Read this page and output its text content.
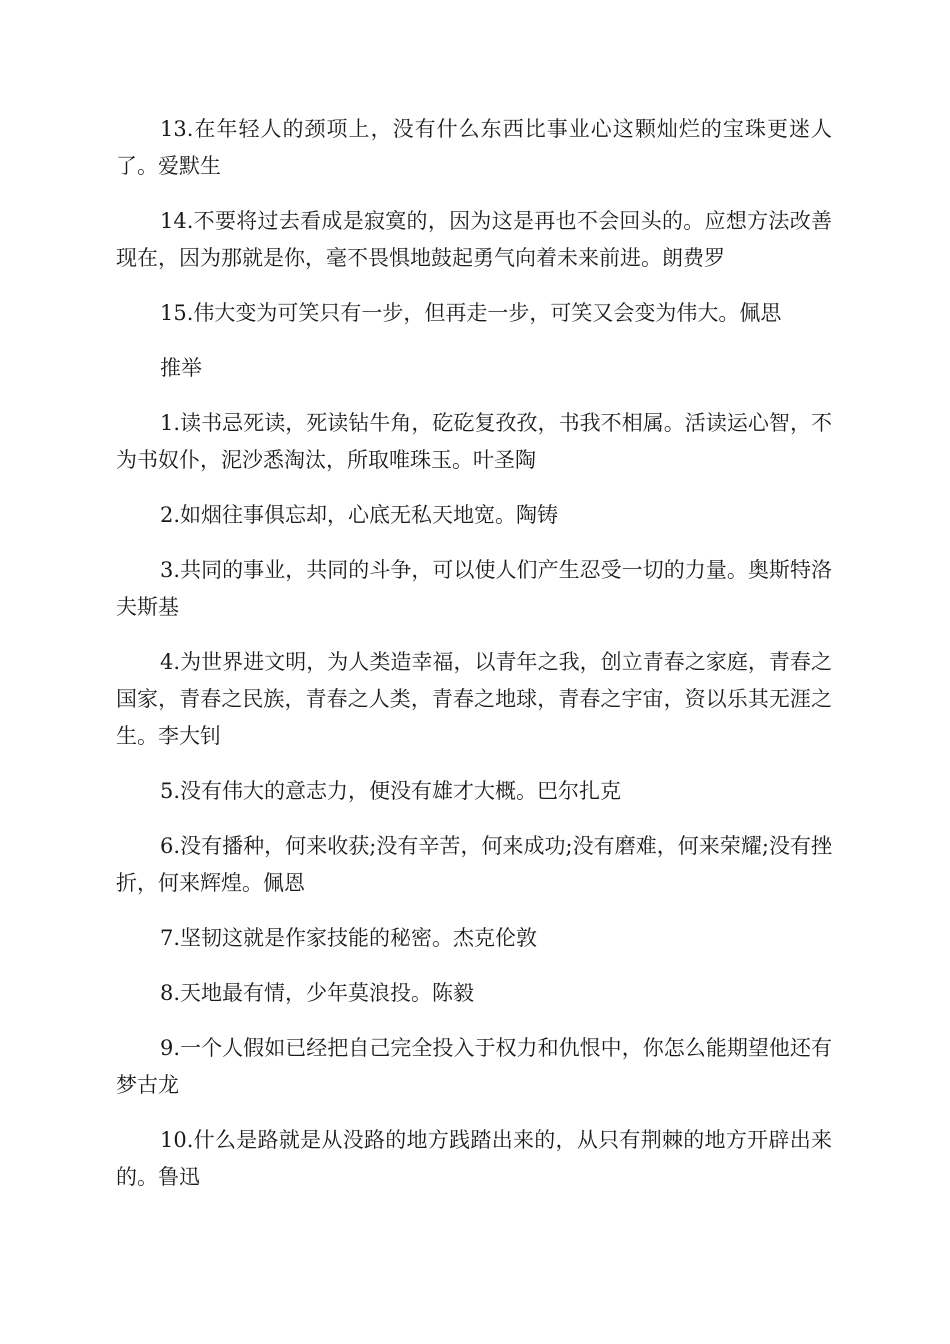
13.在年轻人的颈项上，没有什么东西比事业心这颗灿烂的宝珠更迷人了。爱默生

14.不要将过去看成是寂寞的，因为这是再也不会回头的。应想方法改善现在，因为那就是你，毫不畏惧地鼓起勇气向着未来前进。朗费罗

15.伟大变为可笑只有一步，但再走一步，可笑又会变为伟大。佩思

推举

1.读书忌死读，死读钻牛角，矻矻复孜孜，书我不相属。活读运心智，不为书奴仆，泥沙悉淘汰，所取唯珠玉。叶圣陶

2.如烟往事俱忘却，心底无私天地宽。陶铸

3.共同的事业，共同的斗争，可以使人们产生忍受一切的力量。奥斯特洛夫斯基

4.为世界进文明，为人类造幸福，以青年之我，创立青春之家庭，青春之国家，青春之民族，青春之人类，青春之地球，青春之宇宙，资以乐其无涯之生。李大钊

5.没有伟大的意志力，便没有雄才大概。巴尔扎克

6.没有播种，何来收获;没有辛苦，何来成功;没有磨难，何来荣耀;没有挫折，何来辉煌。佩恩

7.坚韧这就是作家技能的秘密。杰克伦敦

8.天地最有情，少年莫浪投。陈毅

9.一个人假如已经把自己完全投入于权力和仇恨中，你怎么能期望他还有梦古龙

10.什么是路就是从没路的地方践踏出来的，从只有荆棘的地方开辟出来的。鲁迅
